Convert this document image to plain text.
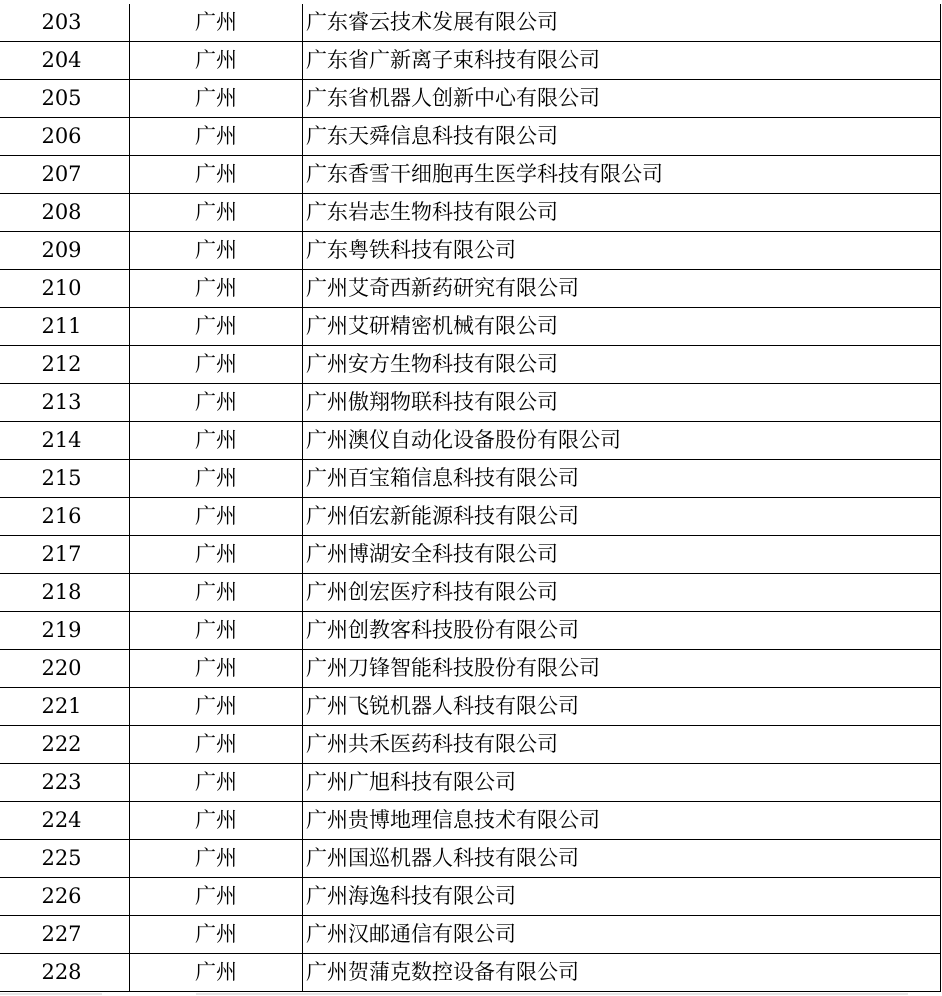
203	广州	广东睿云技术发展有限公司
204	广州	广东省广新离子束科技有限公司
205	广州	广东省机器人创新中心有限公司
206	广州	广东天舜信息科技有限公司
207	广州	广东香雪干细胞再生医学科技有限公司
208	广州	广东岩志生物科技有限公司
209	广州	广东粤铁科技有限公司
210	广州	广州艾奇西新药研究有限公司
211	广州	广州艾研精密机械有限公司
212	广州	广州安方生物科技有限公司
213	广州	广州傲翔物联科技有限公司
214	广州	广州澳仪自动化设备股份有限公司
215	广州	广州百宝箱信息科技有限公司
216	广州	广州佰宏新能源科技有限公司
217	广州	广州博湖安全科技有限公司
218	广州	广州创宏医疗科技有限公司
219	广州	广州创教客科技股份有限公司
220	广州	广州刀锋智能科技股份有限公司
221	广州	广州飞锐机器人科技有限公司
222	广州	广州共禾医药科技有限公司
223	广州	广州广旭科技有限公司
224	广州	广州贵博地理信息技术有限公司
225	广州	广州国巡机器人科技有限公司
226	广州	广州海逸科技有限公司
227	广州	广州汉邮通信有限公司
228	广州	广州贺蒲克数控设备有限公司
